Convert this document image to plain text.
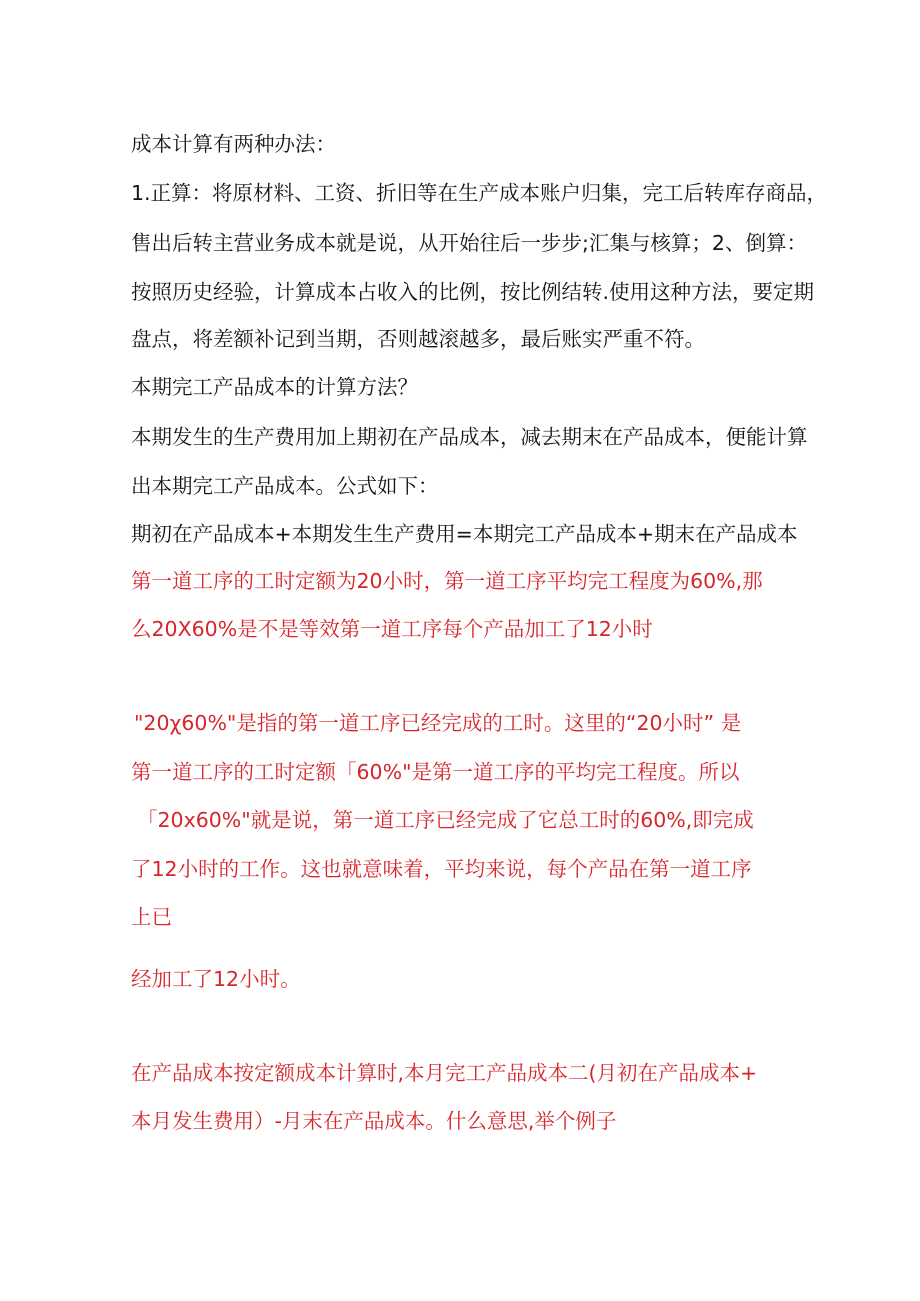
成本计算有两种办法：
1.正算：将原材料、工资、折旧等在生产成本账户归集，完工后转库存商品，
售出后转主营业务成本就是说，从开始往后一步步;汇集与核算；2、倒算：
按照历史经验，计算成本占收入的比例，按比例结转.使用这种方法，要定期
盘点，将差额补记到当期，否则越滚越多，最后账实严重不符。
本期完工产品成本的计算方法？
本期发生的生产费用加上期初在产品成本，减去期末在产品成本，便能计算
出本期完工产品成本。公式如下：
期初在产品成本+本期发生生产费用=本期完工产品成本+期末在产品成本
第一道工序的工时定额为20小时，第一道工序平均完工程度为60%,那
么20X60%是不是等效第一道工序每个产品加工了12小时
"20χ60%"是指的第一道工序已经完成的工时。这里的“20小时” 是
第一道工序的工时定额「60%"是第一道工序的平均完工程度。所以
「20x60%"就是说，第一道工序已经完成了它总工时的60%,即完成
了12小时的工作。这也就意味着，平均来说，每个产品在第一道工序
上已
经加工了12小时。
在产品成本按定额成本计算时,本月完工产品成本二(月初在产品成本+
本月发生费用）-月末在产品成本。什么意思,举个例子
